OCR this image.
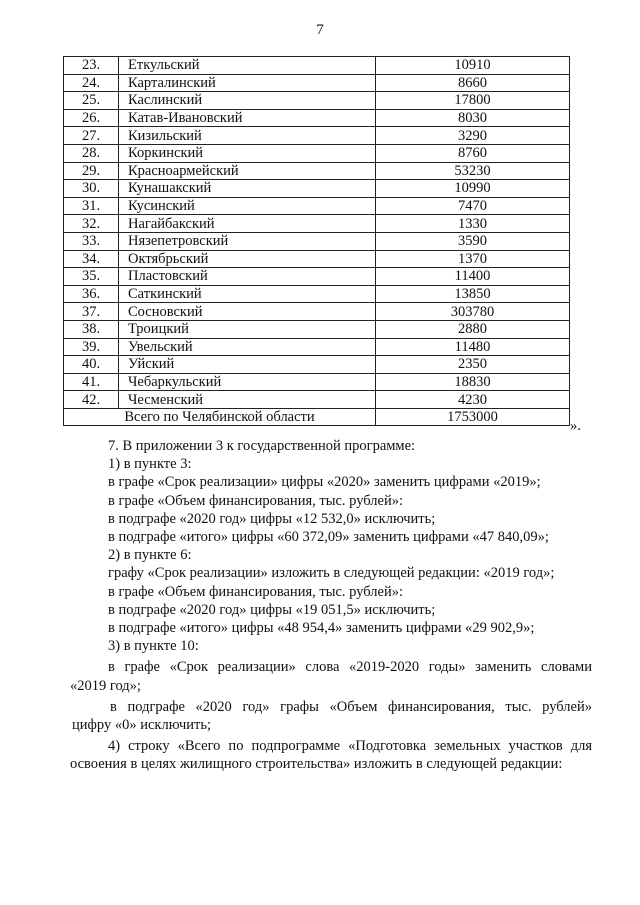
7
23.	Еткульский	10910
24.	Карталинский	8660
25.	Каслинский	17800
26.	Катав-Ивановский	8030
27.	Кизильский	3290
28.	Коркинский	8760
29.	Красноармейский	53230
30.	Кунашакский	10990
31.	Кусинский	7470
32.	Нагайбакский	1330
33.	Нязепетровский	3590
34.	Октябрьский	1370
35.	Пластовский	11400
36.	Саткинский	13850
37.	Сосновский	303780
38.	Троицкий	2880
39.	Увельский	11480
40.	Уйский	2350
41.	Чебаркульский	18830
42.	Чесменский	4230
Всего по Челябинской области		1753000
».

7. В приложении 3 к государственной программе:

1) в пункте 3:

в графе «Срок реализации» цифры «2020» заменить цифрами «2019»;

в графе «Объем финансирования, тыс. рублей»:

в подграфе «2020 год» цифры «12 532,0» исключить;

в подграфе «итого» цифры «60 372,09» заменить цифрами «47 840,09»;

2) в пункте 6:

графу «Срок реализации» изложить в следующей редакции: «2019 год»;

в графе «Объем финансирования, тыс. рублей»:

в подграфе «2020 год» цифры «19 051,5» исключить;

в подграфе «итого» цифры «48 954,4» заменить цифрами «29 902,9»;

3) в пункте 10:

в графе «Срок реализации» слова «2019-2020 годы» заменить словами

«2019 год»;

в подграфе «2020 год» графы «Объем финансирования, тыс. рублей»

цифру «0» исключить;

4) строку «Всего по подпрограмме «Подготовка земельных участков для

освоения в целях жилищного строительства» изложить в следующей редакции:
